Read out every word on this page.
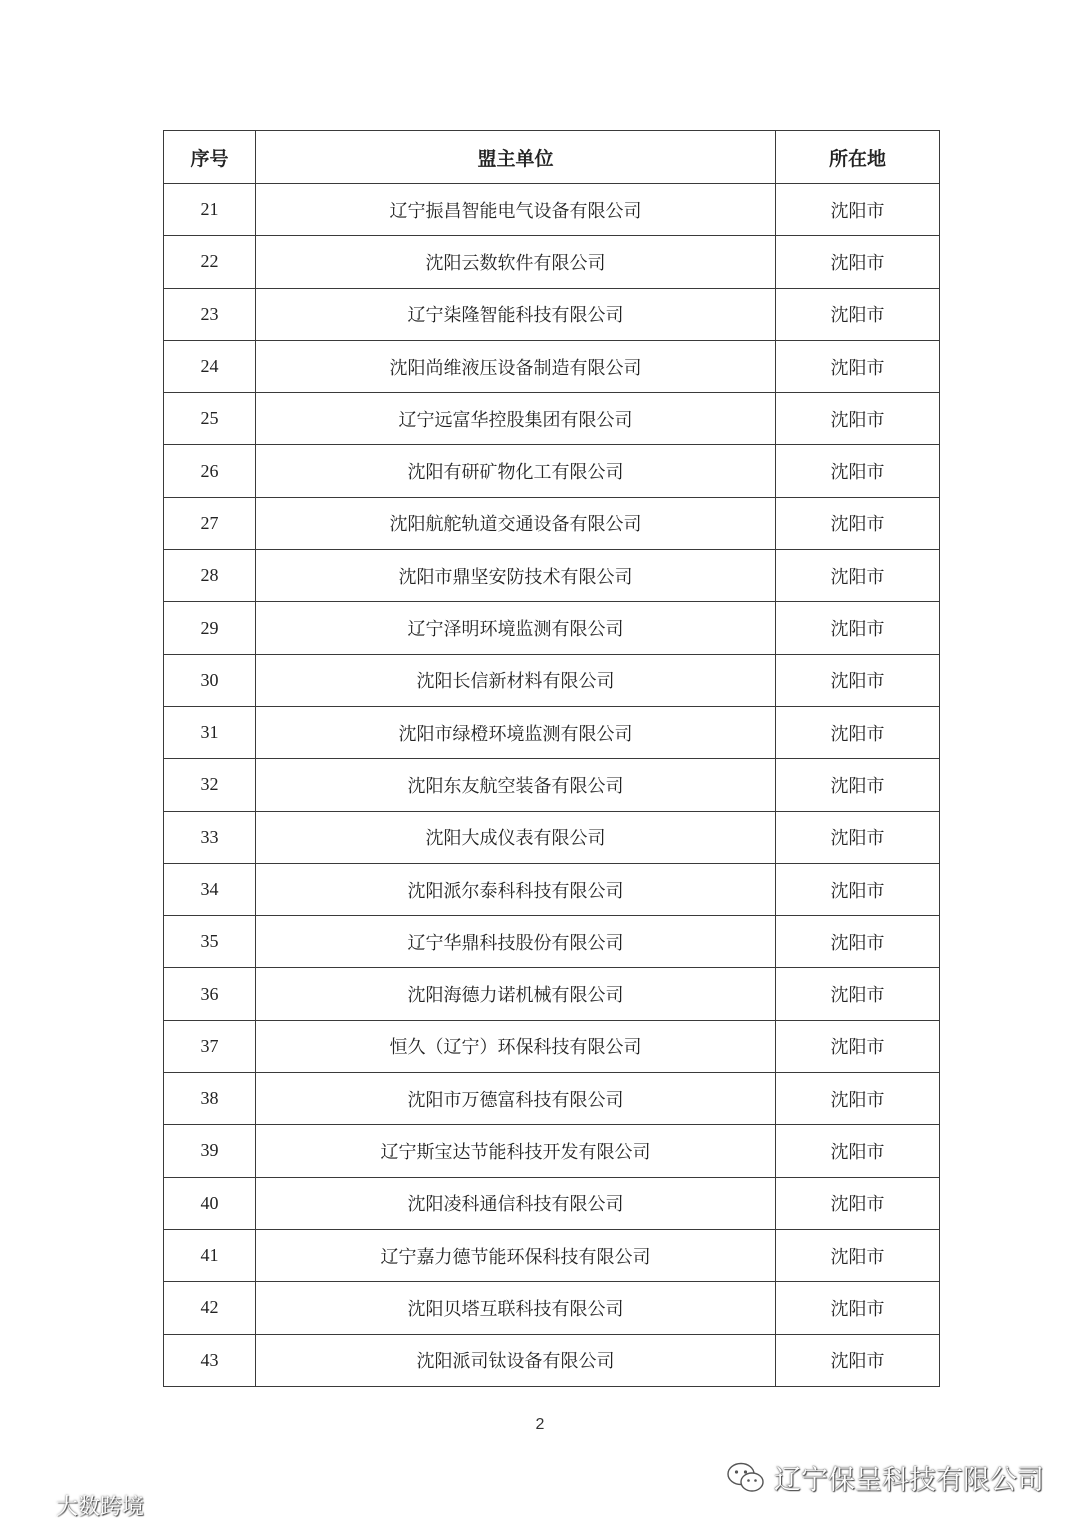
序号	盟主单位	所在地
21	辽宁振昌智能电气设备有限公司	沈阳市
22	沈阳云数软件有限公司	沈阳市
23	辽宁柒隆智能科技有限公司	沈阳市
24	沈阳尚维液压设备制造有限公司	沈阳市
25	辽宁远富华控股集团有限公司	沈阳市
26	沈阳有研矿物化工有限公司	沈阳市
27	沈阳航舵轨道交通设备有限公司	沈阳市
28	沈阳市鼎坚安防技术有限公司	沈阳市
29	辽宁泽明环境监测有限公司	沈阳市
30	沈阳长信新材料有限公司	沈阳市
31	沈阳市绿橙环境监测有限公司	沈阳市
32	沈阳东友航空装备有限公司	沈阳市
33	沈阳大成仪表有限公司	沈阳市
34	沈阳派尔泰科科技有限公司	沈阳市
35	辽宁华鼎科技股份有限公司	沈阳市
36	沈阳海德力诺机械有限公司	沈阳市
37	恒久（辽宁）环保科技有限公司	沈阳市
38	沈阳市万德富科技有限公司	沈阳市
39	辽宁斯宝达节能科技开发有限公司	沈阳市
40	沈阳凌科通信科技有限公司	沈阳市
41	辽宁嘉力德节能环保科技有限公司	沈阳市
42	沈阳贝塔互联科技有限公司	沈阳市
43	沈阳派司钛设备有限公司	沈阳市
2
辽宁保呈科技有限公司
大数跨境
